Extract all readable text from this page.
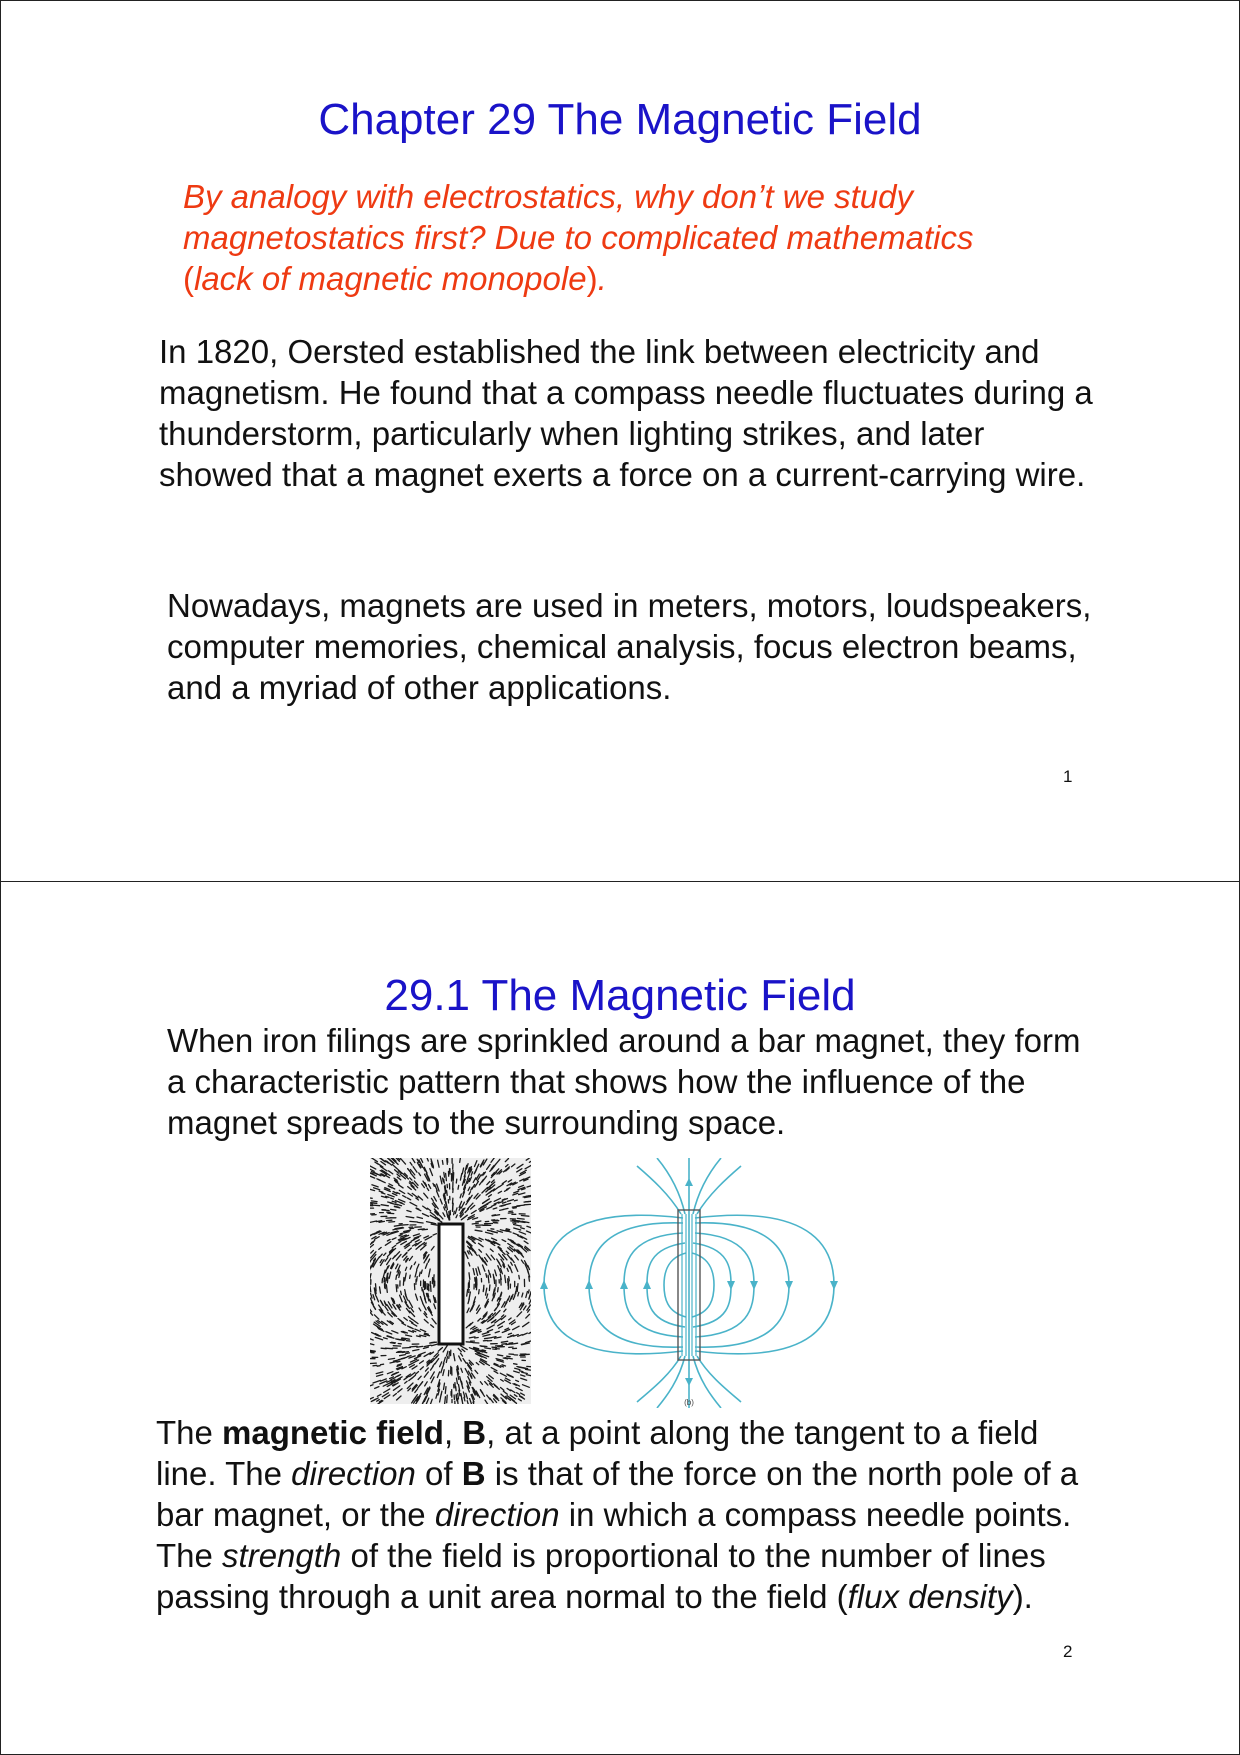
Chapter 29 The Magnetic Field

By analogy with electrostatics, why don’t we study magnetostatics first? Due to complicated mathematics (lack of magnetic monopole).

In 1820, Oersted established the link between electricity and magnetism. He found that a compass needle fluctuates during a thunderstorm, particularly when lighting strikes, and later showed that a magnet exerts a force on a current-carrying wire.

Nowadays, magnets are used in meters, motors, loudspeakers, computer memories, chemical analysis, focus electron beams, and a myriad of other applications.

1
29.1 The Magnetic Field

When iron filings are sprinkled around a bar magnet, they form a characteristic pattern that shows how the influence of the magnet spreads to the surrounding space.

(b)

The magnetic field, B, at a point along the tangent to a field line. The direction of B is that of the force on the north pole of a bar magnet, or the direction in which a compass needle points. The strength of the field is proportional to the number of lines passing through a unit area normal to the field (flux density).

2
